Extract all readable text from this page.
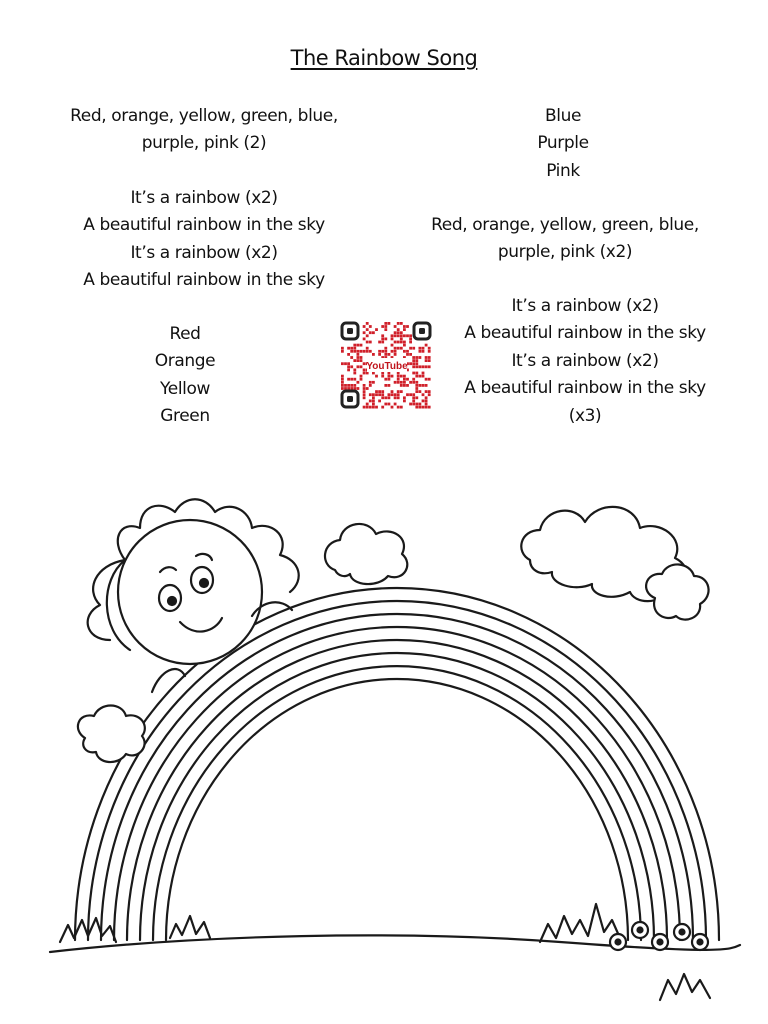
The Rainbow Song
Red, orange, yellow, green, blue,
purple, pink (2)
It’s a rainbow (x2)
A beautiful rainbow in the sky
It’s a rainbow (x2)
A beautiful rainbow in the sky
Red
Orange
Yellow
Green
Blue
Purple
Pink
Red, orange, yellow, green, blue,
purple, pink (x2)
It’s a rainbow (x2)
A beautiful rainbow in the sky
It’s a rainbow (x2)
A beautiful rainbow in the sky
(x3)
YouTube
